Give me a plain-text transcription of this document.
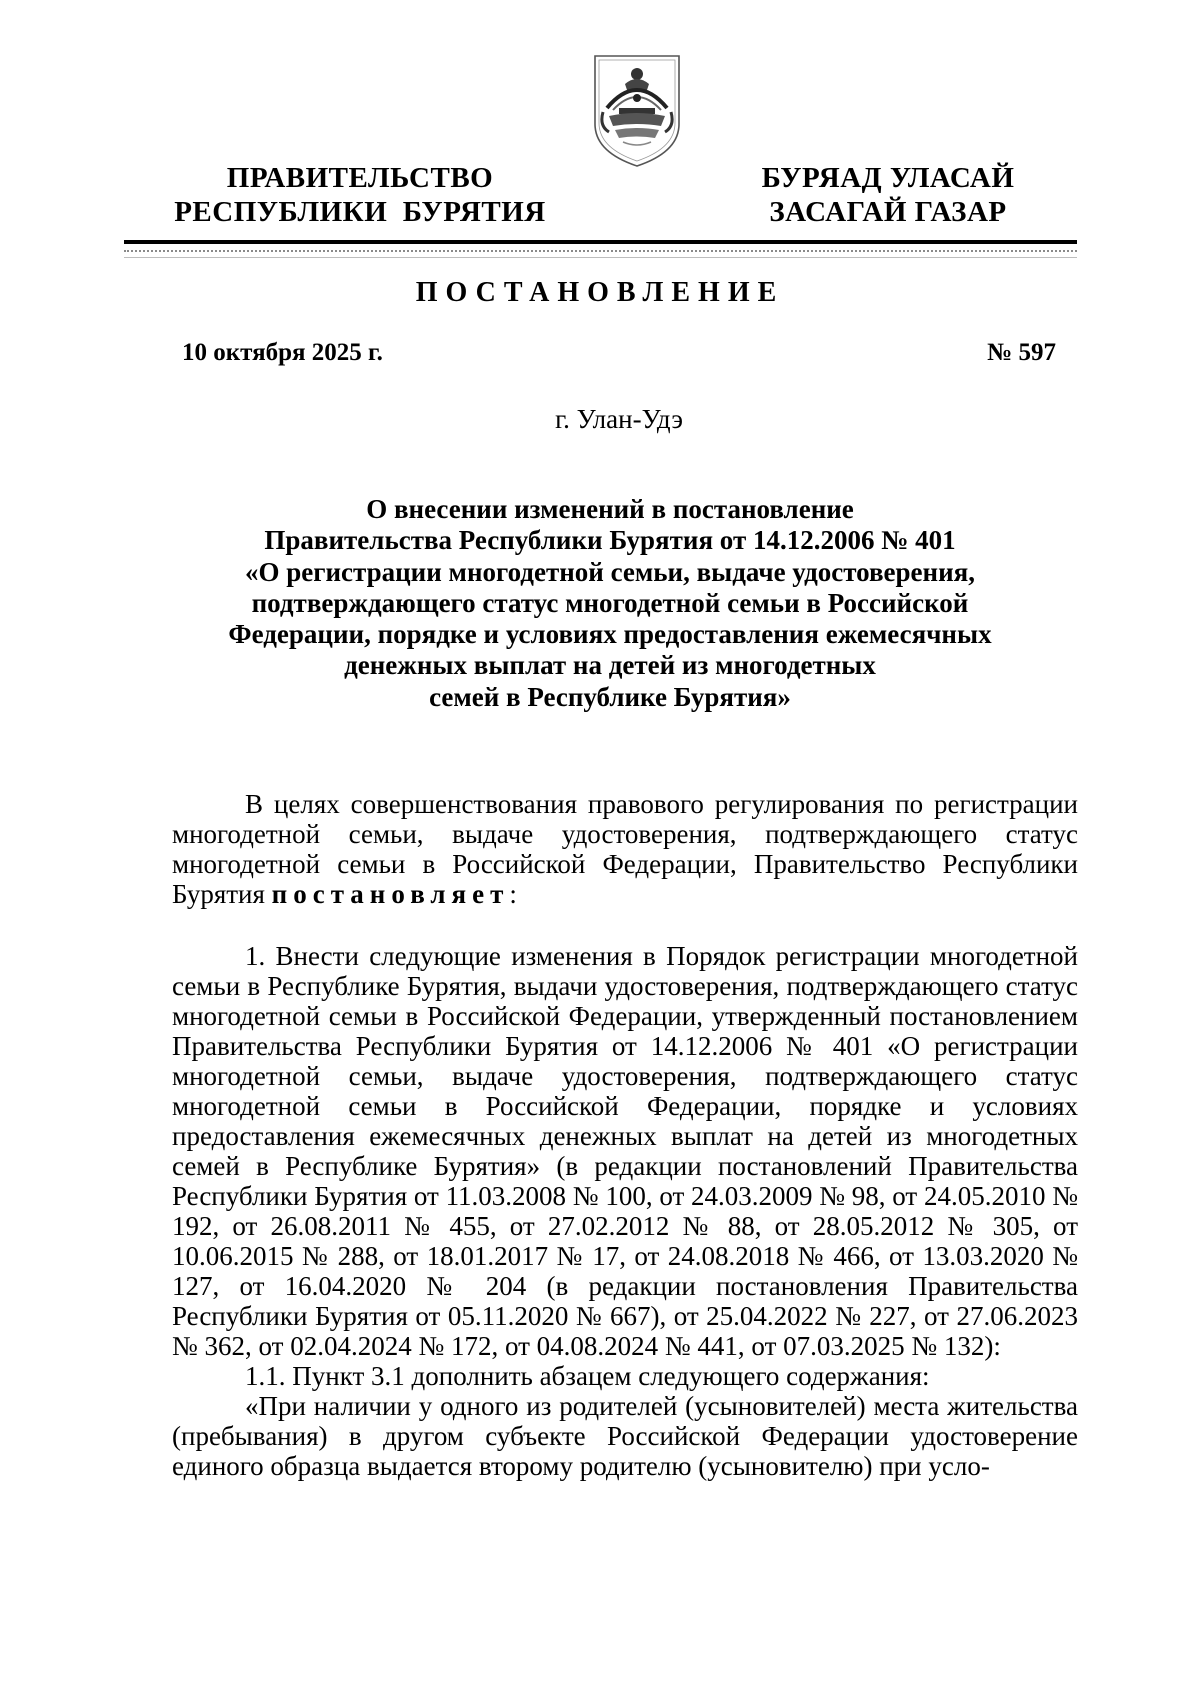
ПРАВИТЕЛЬСТВО
РЕСПУБЛИКИ  БУРЯТИЯ
БУРЯАД УЛАСАЙ
ЗАСАГАЙ ГАЗАР
ПОСТАНОВЛЕНИЕ
10 октября 2025 г.	№ 597
г. Улан-Удэ
О внесении изменений в постановление
Правительства Республики Бурятия от 14.12.2006 № 401
«О регистрации многодетной семьи, выдаче удостоверения,
подтверждающего статус многодетной семьи в Российской
Федерации, порядке и условиях предоставления ежемесячных
денежных выплат на детей из многодетных
семей в Республике Бурятия»

В целях совершенствования правового регулирования по регистрации многодетной семьи, выдаче удостоверения, подтверждающего статус многодетной семьи в Российской Федерации, Правительство Республики Бурятия постановляет:

1. Внести следующие изменения в Порядок регистрации многодетной семьи в Республике Бурятия, выдачи удостоверения, подтверждающего статус многодетной семьи в Российской Федерации, утвержденный постановлением Правительства Республики Бурятия от 14.12.2006 № 401 «О регистрации многодетной семьи, выдаче удостоверения, подтверждающего статус многодетной семьи в Российской Федерации, порядке и условиях предоставления ежемесячных денежных выплат на детей из многодетных семей в Республике Бурятия» (в редакции постановлений Правительства Республики Бурятия от 11.03.2008 № 100, от 24.03.2009 № 98, от 24.05.2010 № 192, от 26.08.2011 № 455, от 27.02.2012 № 88, от 28.05.2012 № 305, от 10.06.2015 № 288, от 18.01.2017 № 17, от 24.08.2018 № 466, от 13.03.2020 № 127, от 16.04.2020 № 204 (в редакции постановления Правительства Республики Бурятия от 05.11.2020 № 667), от 25.04.2022 № 227, от 27.06.2023 № 362, от 02.04.2024 № 172, от 04.08.2024 № 441, от 07.03.2025 № 132):

1.1. Пункт 3.1 дополнить абзацем следующего содержания:

«При наличии у одного из родителей (усыновителей) места жительства (пребывания) в другом субъекте Российской Федерации удостоверение единого образца выдается второму родителю (усыновителю) при усло-
